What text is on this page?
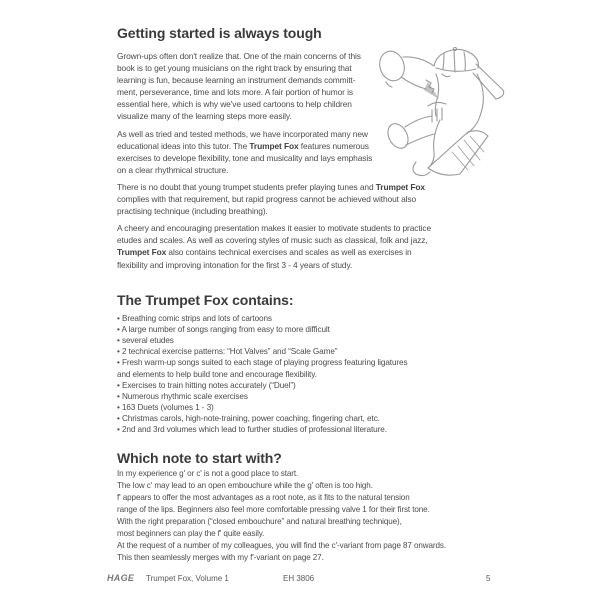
Getting started is always tough
Grown-ups often don't realize that. One of the main concerns of this
book is to get young musicians on the right track by ensuring that
learning is fun, because learning an instrument demands committ-
ment, perseverance, time and lots more. A fair portion of humor is
essential here, which is why we've used cartoons to help children
visualize many of the learning steps more easily.
As well as tried and tested methods, we have incorporated many new
educational ideas into this tutor. The Trumpet Fox features numerous
exercises to develope flexibility, tone and musicality and lays emphasis
on a clear rhythmical structure.
There is no doubt that young trumpet students prefer playing tunes and Trumpet Fox
complies with that requirement, but rapid progress cannot be achieved without also
practising technique (including breathing).
A cheery and encouraging presentation makes it easier to motivate students to practice
etudes and scales. As well as covering styles of music such as classical, folk and jazz,
Trumpet Fox also contains technical exercises and scales as well as exercises in
flexibility and improving intonation for the first 3 - 4 years of study.
The Trumpet Fox contains:
• Breathing comic strips and lots of cartoons
• A large number of songs ranging from easy to more difficult
• several etudes
• 2 technical exercise patterns: “Hot Valves” and “Scale Game”
• Fresh warm-up songs suited to each stage of playing progress featuring ligatures
and elements to help build tone and encourage flexibility.
• Exercises to train hitting notes accurately (“Duel”)
• Numerous rhythmic scale exercises
• 163 Duets (volumes 1 - 3)
• Christmas carols, high-note-training, power coaching, fingering chart, etc.
• 2nd and 3rd volumes which lead to further studies of professional literature.
Which note to start with?
In my experience g' or c' is not a good place to start.
The low c' may lead to an open embouchure while the g' often is too high.
f' appears to offer the most advantages as a root note, as it fits to the natural tension
range of the lips. Beginners also feel more comfortable pressing valve 1 for their first tone.
With the right preparation (“closed embouchure” and natural breathing technique),
most beginners can play the f' quite easily.
At the request of a number of my colleagues, you will find the c'-variant from page 87 onwards.
This then seamlessly merges with my f'-variant on page 27.
HAGE Trumpet Fox, Volume 1	EH 3806	5
